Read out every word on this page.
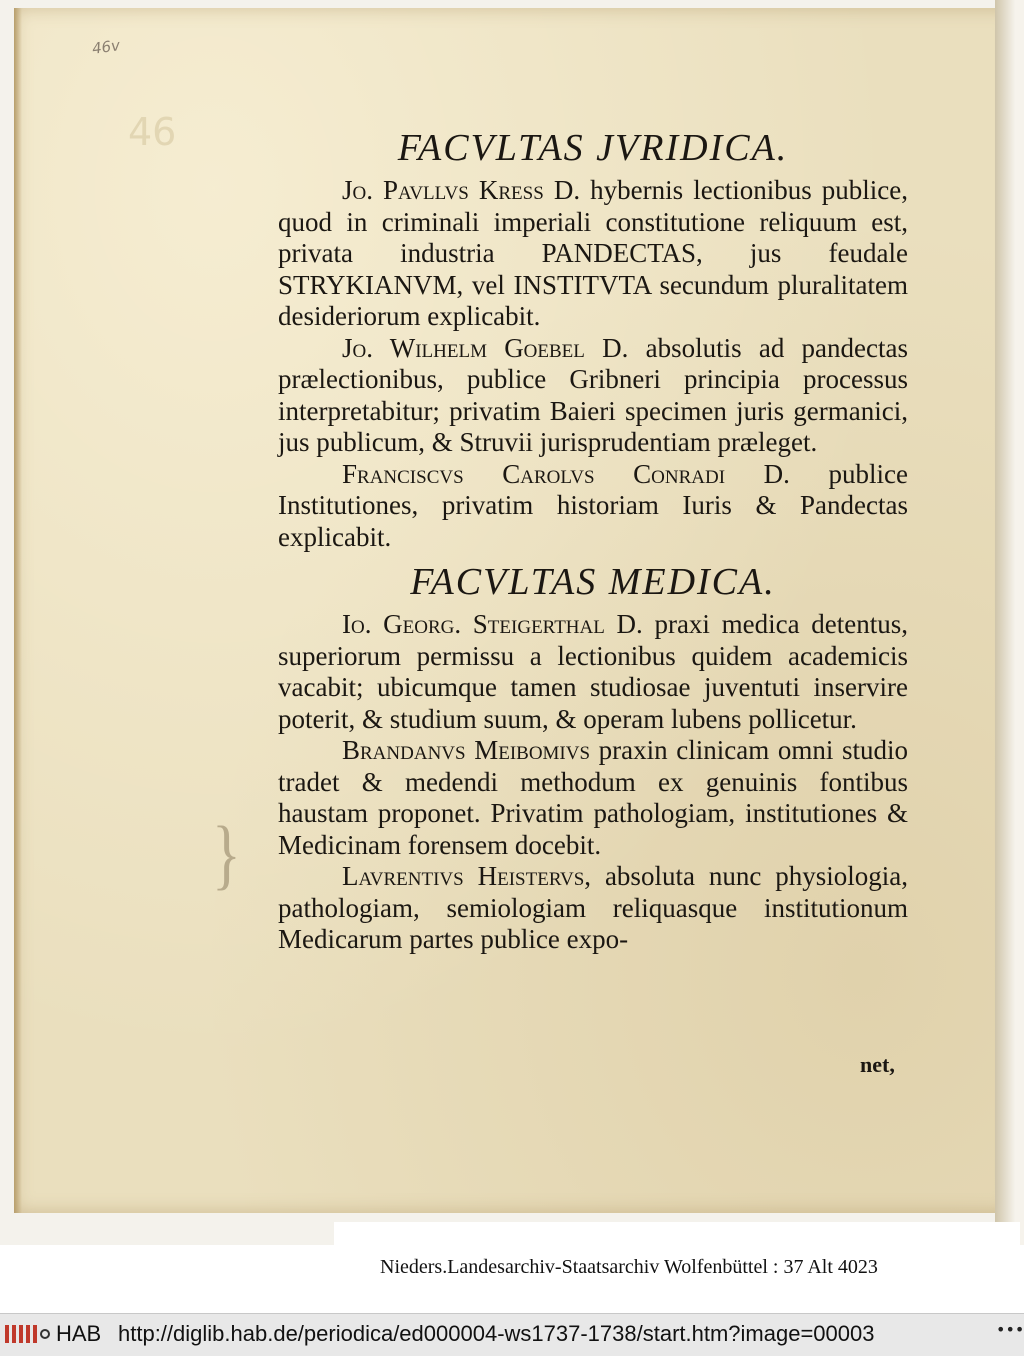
46v
46
}
FACVLTAS JVRIDICA.

Jo. Pavllvs Kress D. hybernis lectionibus publice, quod in criminali imperiali constitutione reliquum est, privata industria PANDECTAS, jus feudale STRYKIANVM, vel INSTITVTA secundum pluralitatem desideriorum explicabit.

Jo. Wilhelm Goebel D. absolutis ad pandectas prælectionibus, publice Gribneri principia processus interpretabitur; privatim Baieri specimen juris germanici, jus publicum, & Struvii jurisprudentiam præleget.

Franciscvs Carolvs Conradi D. publice Institutiones, privatim historiam Iuris & Pandectas explicabit.

FACVLTAS MEDICA.

Io. Georg. Steigerthal D. praxi medica detentus, superiorum permissu a lectionibus quidem academicis vacabit; ubicumque tamen studiosae juventuti inservire poterit, & studium suum, & operam lubens pollicetur.

Brandanvs Meibomivs praxin clinicam omni studio tradet & medendi methodum ex genuinis fontibus haustam proponet. Privatim pathologiam, institutiones & Medicinam forensem docebit.

Lavrentivs Heistervs, absoluta nunc physiologia, pathologiam, semiologiam reliquasque institutionum Medicarum partes publice expo-

net,
Nieders.Landesarchiv-Staatsarchiv Wolfenbüttel : 37 Alt 4023
HAB http://diglib.hab.de/periodica/ed000004-ws1737-1738/start.htm?image=00003	•••
